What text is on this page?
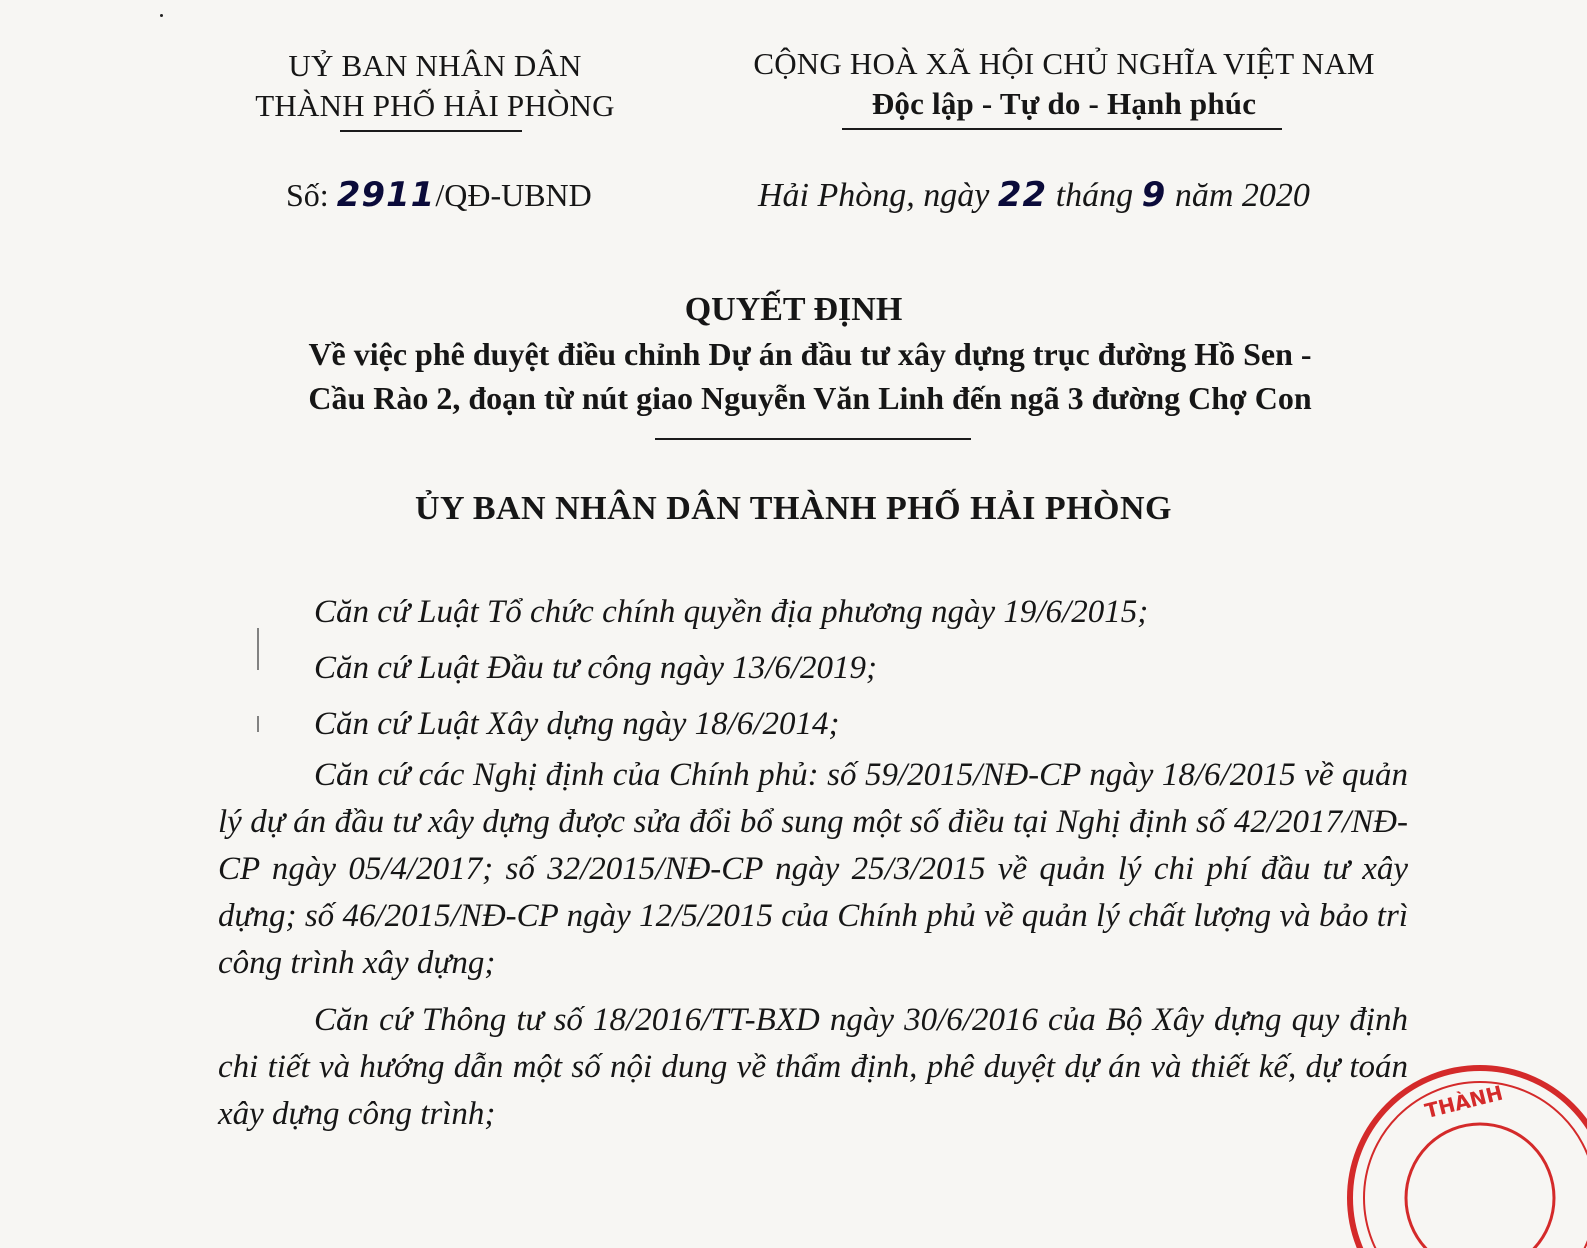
UỶ BAN NHÂN DÂN
THÀNH PHỐ HẢI PHÒNG
CỘNG HOÀ XÃ HỘI CHỦ NGHĨA VIỆT NAM
Độc lập - Tự do - Hạnh phúc
Số: 2911/QĐ-UBND	Hải Phòng, ngày 22 tháng 9 năm 2020
QUYẾT ĐỊNH
Về việc phê duyệt điều chỉnh Dự án đầu tư xây dựng trục đường Hồ Sen -
Cầu Rào 2, đoạn từ nút giao Nguyễn Văn Linh đến ngã 3 đường Chợ Con
ỦY BAN NHÂN DÂN THÀNH PHỐ HẢI PHÒNG

Căn cứ Luật Tổ chức chính quyền địa phương ngày 19/6/2015;

Căn cứ Luật Đầu tư công ngày 13/6/2019;

Căn cứ Luật Xây dựng ngày 18/6/2014;

Căn cứ các Nghị định của Chính phủ: số 59/2015/NĐ-CP ngày 18/6/2015 về quản lý dự án đầu tư xây dựng được sửa đổi bổ sung một số điều tại Nghị định số 42/2017/NĐ-CP ngày 05/4/2017; số 32/2015/NĐ-CP ngày 25/3/2015 về quản lý chi phí đầu tư xây dựng; số 46/2015/NĐ-CP ngày 12/5/2015 của Chính phủ về quản lý chất lượng và bảo trì công trình xây dựng;

Căn cứ Thông tư số 18/2016/TT-BXD ngày 30/6/2016 của Bộ Xây dựng quy định chi tiết và hướng dẫn một số nội dung về thẩm định, phê duyệt dự án và thiết kế, dự toán xây dựng công trình;	THÀNH
